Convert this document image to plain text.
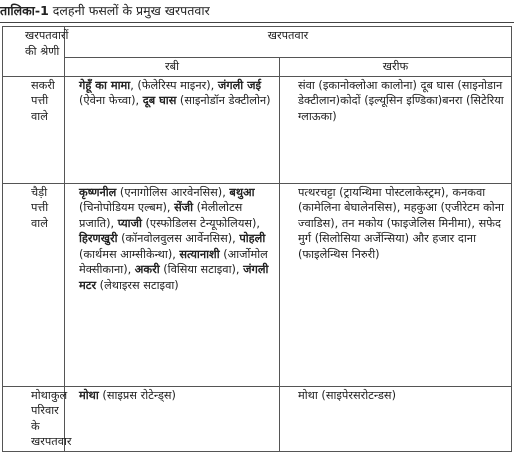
तालिका-1 दलहनी फसलों के प्रमुख खरपतवार
खरपतवारों
की श्रेणी	खरपतवार	
	रबी	खरीफ
सकरी पत्ती वाले	गेहूँ का मामा, (फेलेरिस्प माइनर), जंगली जई (ऐवेना फेच्वा), दूब घास (साइनोडॉन डेक्टीलोन)	संवा (इकानोक्लोआ कालोना) दूब घास (साइनोडान डेक्टीलान)कोदों (इल्यूसिन इण्डिका)बनरा (सिटेरिया ग्लाऊका)
चैड़ी पत्ती वाले	कृष्णनील (एनागोलिस आरवेनसिस), बथुआ (चिनोपोडियम एल्बम), सेंजी (मेलीलोटस प्रजाति), प्याजी (एस्फोडिलस टेन्यूफोलियस), हिरणखुरी (कॉनवोलवुलस आर्वेनसिस), पोहली (कार्थमस आम्सीकेन्था), सत्यानाशी (आर्जोमोल मेक्सीकाना), अकरी (विसिया सटाइवा), जंगली मटर (लेथाइरस सटाइवा)	पत्थरचट्टा (ट्रायन्थिमा पोस्टलाकेस्ट्रम), कनकवा (कामेलिना बेघालेनसिस), महकुआ (एजीरेटम कोना ज्वाडिस), तन मकोय (फाइजेलिस मिनीमा), सफेद मुर्ग (सिलोसिया अर्जेन्सिया) और हजार दाना (फाइलेन्थिस निरुरी)
मोथाकुल परिवार के खरपतवार	मोथा (साइप्रस रोटेन्ड्स)	मोथा (साइपेरसरोटन्डस)
